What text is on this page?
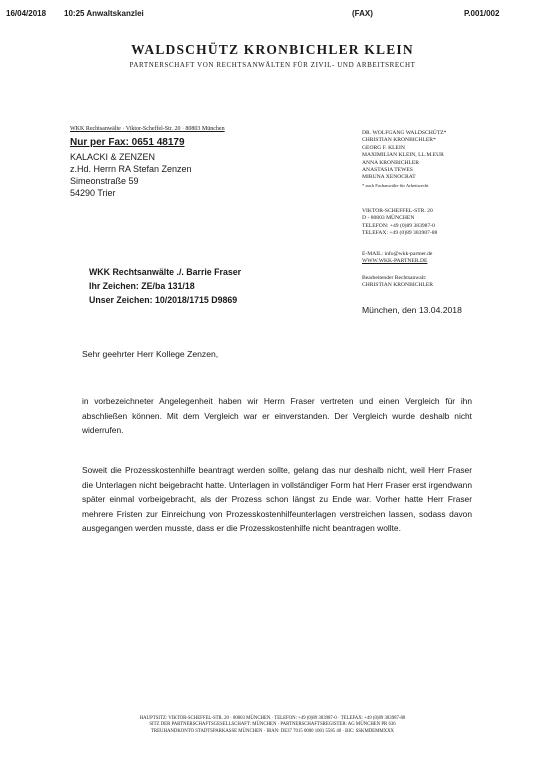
16/04/2018 10:25 Anwaltskanzlei	(FAX)	P.001/002
WALDSCHÜTZ KRONBICHLER KLEIN
PARTNERSCHAFT VON RECHTSANWÄLTEN FÜR ZIVIL- UND ARBEITSRECHT
WKK Rechtsanwälte · Viktor-Scheffel-Str. 20 · 80803 München
Nur per Fax: 0651 48179
KALACKI & ZENZEN
z.Hd. Herrn RA Stefan Zenzen
Simeonstraße 59
54290 Trier
DR. WOLFGANG WALDSCHÜTZ*
CHRISTIAN KRONBICHLER*
GEORG F. KLEIN
MAXIMILIAN KLEIN, LL.M.EUR
ANNA KRONBICHLER
ANASTASIA TEWES
MIRUNA XENOCRAT
* auch Fachanwälte für Arbeitsrecht
VIKTOR-SCHEFFEL-STR. 20
D - 80803 MÜNCHEN
TELEFON: +49 (0)89 383987-0
TELEFAX: +49 (0)89 383987-88
E-MAIL: info@wkk-partner.de
WWW.WKK-PARTNER.DE
Bearbeitender Rechtsanwalt:
CHRISTIAN KRONBICHLER
WKK Rechtsanwälte ./. Barrie Fraser
Ihr Zeichen: ZE/ba 131/18
Unser Zeichen: 10/2018/1715 D9869
München, den 13.04.2018
Sehr geehrter Herr Kollege Zenzen,
in vorbezeichneter Angelegenheit haben wir Herrn Fraser vertreten und einen Vergleich für ihn abschließen können. Mit dem Vergleich war er einverstanden. Der Vergleich wurde deshalb nicht widerrufen.
Soweit die Prozesskostenhilfe beantragt werden sollte, gelang das nur deshalb nicht, weil Herr Fraser die Unterlagen nicht beigebracht hatte. Unterlagen in vollständiger Form hat Herr Fraser erst irgendwann später einmal vorbeigebracht, als der Prozess schon längst zu Ende war. Vorher hatte Herr Fraser mehrere Fristen zur Einreichung von Prozesskostenhilfeunterlagen verstreichen lassen, sodass davon ausgegangen werden musste, dass er die Prozesskostenhilfe nicht beantragen wollte.
HAUPTSITZ: VIKTOR-SCHEFFEL-STR. 20 · 80803 MÜNCHEN · TELEFON: +49 (0)89 383987-0 · TELEFAX: +49 (0)89 383987-88
SITZ DER PARTNERSCHAFTSGESELLSCHAFT: MÜNCHEN · PARTNERSCHAFTSREGISTER: AG MÜNCHEN PR 636
TREUHANDKONTO STADTSPARKASSE MÜNCHEN · IBAN: DE37 7015 0000 1001 5585 40 · BIC: SSKMDEMMXXX
